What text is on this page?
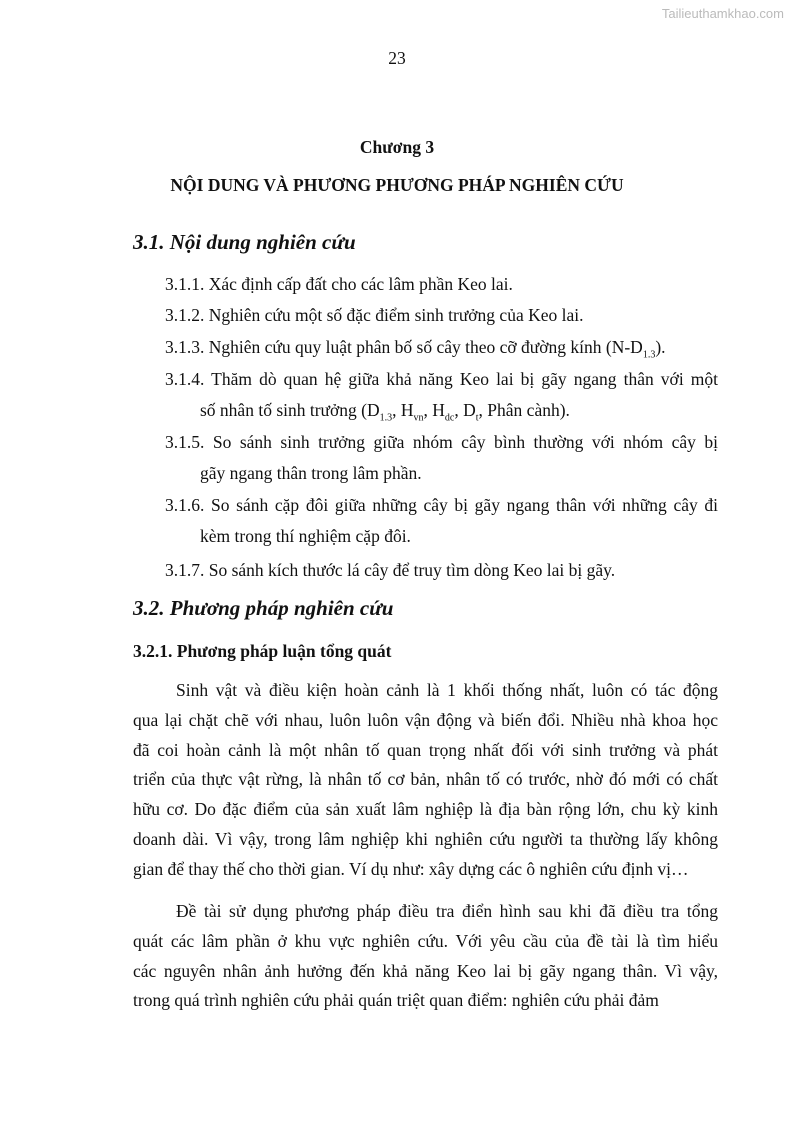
Tailieuthamkhao.com
23
Chương 3
NỘI DUNG VÀ PHƯƠNG PHƯƠNG PHÁP NGHIÊN CỨU
3.1. Nội dung nghiên cứu
3.1.1. Xác định cấp đất cho các lâm phần Keo lai.
3.1.2. Nghiên cứu một số đặc điểm sinh trưởng của Keo lai.
3.1.3. Nghiên cứu quy luật phân bố số cây theo cỡ đường kính $(N-D_{1.3})$.
3.1.4. Thăm dò quan hệ giữa khả năng Keo lai bị gãy ngang thân với một
số nhân tố sinh trưởng ($D_{1.3}$, $H_{vn}$, $H_{dc}$, $D_t$, Phân cành).
3.1.5. So sánh sinh trưởng giữa nhóm cây bình thường với nhóm cây bị
gãy ngang thân trong lâm phần.
3.1.6. So sánh cặp đôi giữa những cây bị gãy ngang thân với những cây đi
kèm trong thí nghiệm cặp đôi.
3.1.7. So sánh kích thước lá cây để truy tìm dòng Keo lai bị gãy.
3.2. Phương pháp nghiên cứu
3.2.1. Phương pháp luận tổng quát
Sinh vật và điều kiện hoàn cảnh là 1 khối thống nhất, luôn có tác động
qua lại chặt chẽ với nhau, luôn luôn vận động và biến đổi. Nhiều nhà khoa học
đã coi hoàn cảnh là một nhân tố quan trọng nhất đối với sinh trưởng và phát
triển của thực vật rừng, là nhân tố cơ bản, nhân tố có trước, nhờ đó mới có chất
hữu cơ. Do đặc điểm của sản xuất lâm nghiệp là địa bàn rộng lớn, chu kỳ kinh
doanh dài. Vì vậy, trong lâm nghiệp khi nghiên cứu người ta thường lấy không
gian để thay thế cho thời gian. Ví dụ như: xây dựng các ô nghiên cứu định vị…
Đề tài sử dụng phương pháp điều tra điển hình sau khi đã điều tra tổng
quát các lâm phần ở khu vực nghiên cứu. Với yêu cầu của đề tài là tìm hiểu
các nguyên nhân ảnh hưởng đến khả năng Keo lai bị gãy ngang thân. Vì vậy,
trong quá trình nghiên cứu phải quán triệt quan điểm: nghiên cứu phải đảm
